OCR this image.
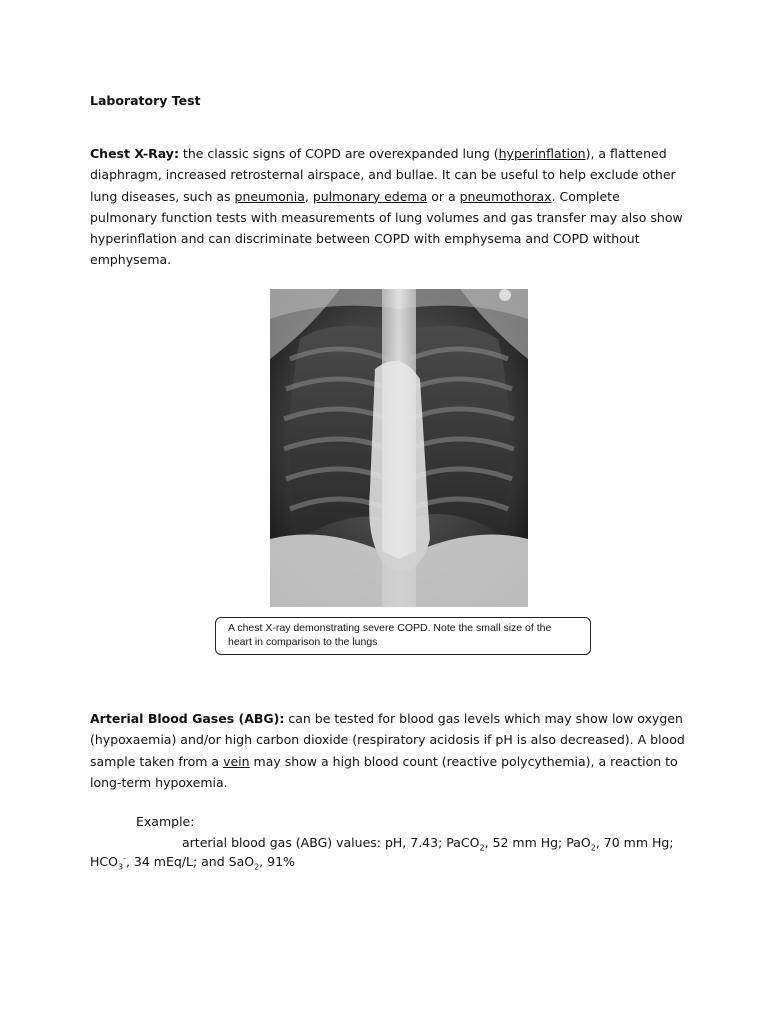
Laboratory Test

Chest X-Ray: the classic signs of COPD are overexpanded lung (hyperinflation), a flattened diaphragm, increased retrosternal airspace, and bullae. It can be useful to help exclude other lung diseases, such as pneumonia, pulmonary edema or a pneumothorax. Complete pulmonary function tests with measurements of lung volumes and gas transfer may also show hyperinflation and can discriminate between COPD with emphysema and COPD without emphysema.

A chest X-ray demonstrating severe COPD. Note the small size of the
heart in comparison to the lungs

Arterial Blood Gases (ABG): can be tested for blood gas levels which may show low oxygen (hypoxaemia) and/or high carbon dioxide (respiratory acidosis if pH is also decreased). A blood sample taken from a vein may show a high blood count (reactive polycythemia), a reaction to long-term hypoxemia.

Example:
arterial blood gas (ABG) values: pH, 7.43; PaCO$_2$, 52 mm Hg; PaO$_2$, 70 mm Hg;
$HCO_3^-$, 34 mEq/L; and SaO$_2$, 91%
